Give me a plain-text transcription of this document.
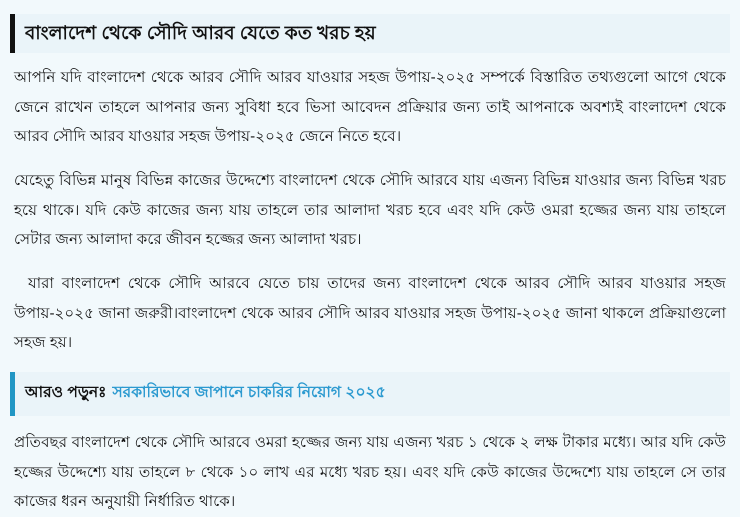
বাংলাদেশ থেকে সৌদি আরব যেতে কত খরচ হয়

আপনি যদি বাংলাদেশ থেকে আরব সৌদি আরব যাওয়ার সহজ উপায়-২০২৫ সম্পর্কে বিস্তারিত তথ্যগুলো আগে থেকে জেনে রাখেন তাহলে আপনার জন্য সুবিধা হবে ভিসা আবেদন প্রক্রিয়ার জন্য তাই আপনাকে অবশ্যই বাংলাদেশ থেকে আরব সৌদি আরব যাওয়ার সহজ উপায়-২০২৫ জেনে নিতে হবে।

যেহেতু বিভিন্ন মানুষ বিভিন্ন কাজের উদ্দেশ্যে বাংলাদেশ থেকে সৌদি আরবে যায় এজন্য বিভিন্ন যাওয়ার জন্য বিভিন্ন খরচ হয়ে থাকে। যদি কেউ কাজের জন্য যায় তাহলে তার আলাদা খরচ হবে এবং যদি কেউ ওমরা হজ্জের জন্য যায় তাহলে সেটার জন্য আলাদা করে জীবন হজ্জের জন্য আলাদা খরচ।

যারা বাংলাদেশ থেকে সৌদি আরবে যেতে চায় তাদের জন্য বাংলাদেশ থেকে আরব সৌদি আরব যাওয়ার সহজ উপায়-২০২৫ জানা জরুরী।বাংলাদেশ থেকে আরব সৌদি আরব যাওয়ার সহজ উপায়-২০২৫ জানা থাকলে প্রক্রিয়াগুলো সহজ হয়।

আরও পড়ুনঃ সরকারিভাবে জাপানে চাকরির নিয়োগ ২০২৫

প্রতিবছর বাংলাদেশ থেকে সৌদি আরবে ওমরা হজ্জের জন্য যায় এজন্য খরচ ১ থেকে ২ লক্ষ টাকার মধ্যে। আর যদি কেউ হজ্জের উদ্দেশ্যে যায় তাহলে ৮ থেকে ১০ লাখ এর মধ্যে খরচ হয়। এবং যদি কেউ কাজের উদ্দেশ্যে যায় তাহলে সে তার কাজের ধরন অনুযায়ী নির্ধারিত থাকে।
